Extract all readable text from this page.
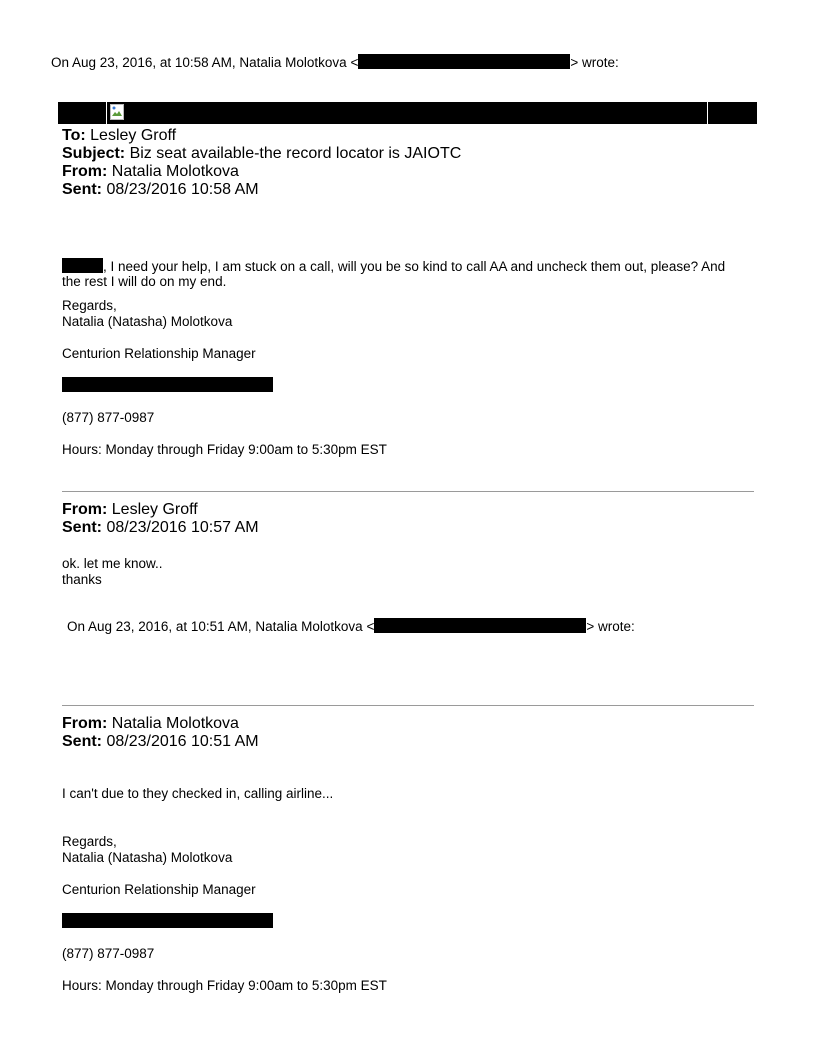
On Aug 23, 2016, at 10:58 AM, Natalia Molotkova <	> wrote:
To: Lesley Groff
Subject: Biz seat available-the record locator is JAIOTC
From: Natalia Molotkova
Sent: 08/23/2016 10:58 AM
, I need your help, I am stuck on a call, will you be so kind to call AA and uncheck them out, please? And
the rest I will do on my end.
Regards,
Natalia (Natasha) Molotkova
Centurion Relationship Manager
(877) 877-0987
Hours: Monday through Friday 9:00am to 5:30pm EST
From: Lesley Groff
Sent: 08/23/2016 10:57 AM
ok. let me know..
thanks
On Aug 23, 2016, at 10:51 AM, Natalia Molotkova <	> wrote:
From: Natalia Molotkova
Sent: 08/23/2016 10:51 AM
I can't due to they checked in, calling airline...
Regards,
Natalia (Natasha) Molotkova
Centurion Relationship Manager
(877) 877-0987
Hours: Monday through Friday 9:00am to 5:30pm EST
